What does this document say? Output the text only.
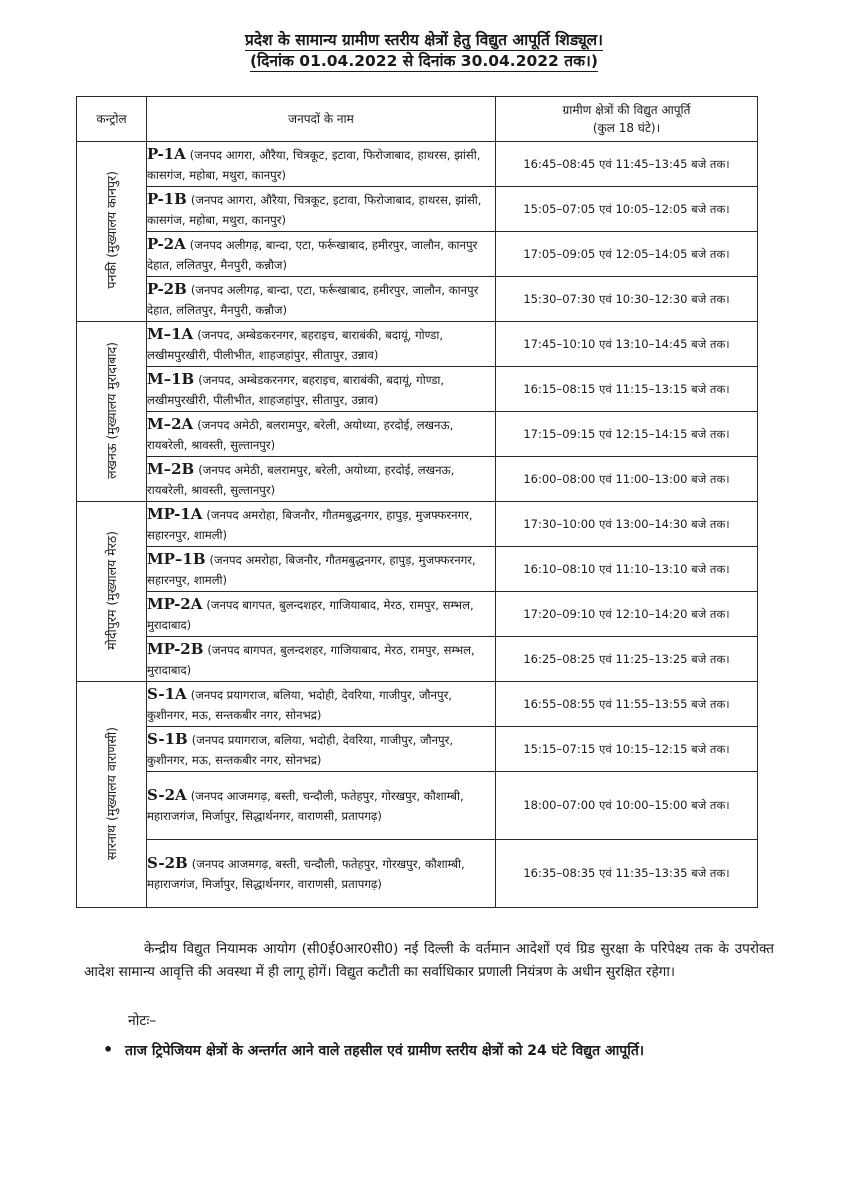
प्रदेश के सामान्य ग्रामीण स्तरीय क्षेत्रों हेतु विद्युत आपूर्ति शिड्यूल।
(दिनांक 01.04.2022 से दिनांक 30.04.2022 तक।)
कन्ट्रोल	जनपदों के नाम	ग्रामीण क्षेत्रों की विद्युत आपूर्ति
(कुल 18 घंटे)।

पनकी (मुख्यालय कानपुर)	P-1A (जनपद आगरा, औरैया, चित्रकूट, इटावा, फिरोजाबाद, हाथरस, झांसी, कासगंज, महोबा, मथुरा, कानपुर)	16:45–08:45 एवं 11:45–13:45 बजे तक।
	P-1B (जनपद आगरा, औरैया, चित्रकूट, इटावा, फिरोजाबाद, हाथरस, झांसी, कासगंज, महोबा, मथुरा, कानपुर)	15:05–07:05 एवं 10:05–12:05 बजे तक।
	P-2A (जनपद अलीगढ़, बान्दा, एटा, फर्रूखाबाद, हमीरपुर, जालौन, कानपुर देहात, ललितपुर, मैनपुरी, कन्नौज)	17:05–09:05 एवं 12:05–14:05 बजे तक।
	P-2B (जनपद अलीगढ़, बान्दा, एटा, फर्रूखाबाद, हमीरपुर, जालौन, कानपुर देहात, ललितपुर, मैनपुरी, कन्नौज)	15:30–07:30 एवं 10:30–12:30 बजे तक।
लखनऊ (मुख्यालय मुरादाबाद)	M–1A (जनपद, अम्बेडकरनगर, बहराइच, बाराबंकी, बदायूं, गोण्डा, लखीमपुरखीरी, पीलीभीत, शाहजहांपुर, सीतापुर, उन्नाव)	17:45–10:10 एवं 13:10–14:45 बजे तक।
	M–1B (जनपद, अम्बेडकरनगर, बहराइच, बाराबंकी, बदायूं, गोण्डा, लखीमपुरखीरी, पीलीभीत, शाहजहांपुर, सीतापुर, उन्नाव)	16:15–08:15 एवं 11:15–13:15 बजे तक।
	M–2A (जनपद अमेठी, बलरामपुर, बरेली, अयोध्या, हरदोई, लखनऊ, रायबरेली, श्रावस्ती, सुल्तानपुर)	17:15–09:15 एवं 12:15–14:15 बजे तक।
	M–2B (जनपद अमेठी, बलरामपुर, बरेली, अयोध्या, हरदोई, लखनऊ, रायबरेली, श्रावस्ती, सुल्तानपुर)	16:00–08:00 एवं 11:00–13:00 बजे तक।
मोदीपुरम (मुख्यालय मेरठ)	MP-1A (जनपद अमरोहा, बिजनौर, गौतमबुद्धनगर, हापुड़, मुजफ्फरनगर, सहारनपुर, शामली)	17:30–10:00 एवं 13:00–14:30 बजे तक।
	MP–1B (जनपद अमरोहा, बिजनौर, गौतमबुद्धनगर, हापुड़, मुजफ्फरनगर, सहारनपुर, शामली)	16:10–08:10 एवं 11:10–13:10 बजे तक।
	MP-2A (जनपद बागपत, बुलन्दशहर, गाजियाबाद, मेरठ, रामपुर, सम्भल, मुरादाबाद)	17:20–09:10 एवं 12:10–14:20 बजे तक।
	MP-2B (जनपद बागपत, बुलन्दशहर, गाजियाबाद, मेरठ, रामपुर, सम्भल, मुरादाबाद)	16:25–08:25 एवं 11:25–13:25 बजे तक।
सारनाथ (मुख्यालय वाराणसी)	S-1A (जनपद प्रयागराज, बलिया, भदोही, देवरिया, गाजीपुर, जौनपुर, कुशीनगर, मऊ, सन्तकबीर नगर, सोनभद्र)	16:55–08:55 एवं 11:55–13:55 बजे तक।
	S-1B (जनपद प्रयागराज, बलिया, भदोही, देवरिया, गाजीपुर, जौनपुर, कुशीनगर, मऊ, सन्तकबीर नगर, सोनभद्र)	15:15–07:15 एवं 10:15–12:15 बजे तक।
	S-2A (जनपद आजमगढ़, बस्ती, चन्दौली, फतेहपुर, गोरखपुर, कौशाम्बी, महाराजगंज, मिर्जापुर, सिद्धार्थनगर, वाराणसी, प्रतापगढ़)	18:00–07:00 एवं 10:00–15:00 बजे तक।
	S-2B (जनपद आजमगढ़, बस्ती, चन्दौली, फतेहपुर, गोरखपुर, कौशाम्बी, महाराजगंज, मिर्जापुर, सिद्धार्थनगर, वाराणसी, प्रतापगढ़)	16:35–08:35 एवं 11:35–13:35 बजे तक।
केन्द्रीय विद्युत नियामक आयोग (सी0ई0आर0सी0) नई दिल्ली के वर्तमान आदेशों एवं ग्रिड सुरक्षा के परिपेक्ष्य तक के उपरोक्त आदेश सामान्य आवृत्ति की अवस्था में ही लागू होगें। विद्युत कटौती का सर्वाधिकार प्रणाली नियंत्रण के अधीन सुरक्षित रहेगा।
नोटः–
• ताज ट्रिपेजियम क्षेत्रों के अन्तर्गत आने वाले तहसील एवं ग्रामीण स्तरीय क्षेत्रों को 24 घंटे विद्युत आपूर्ति।
